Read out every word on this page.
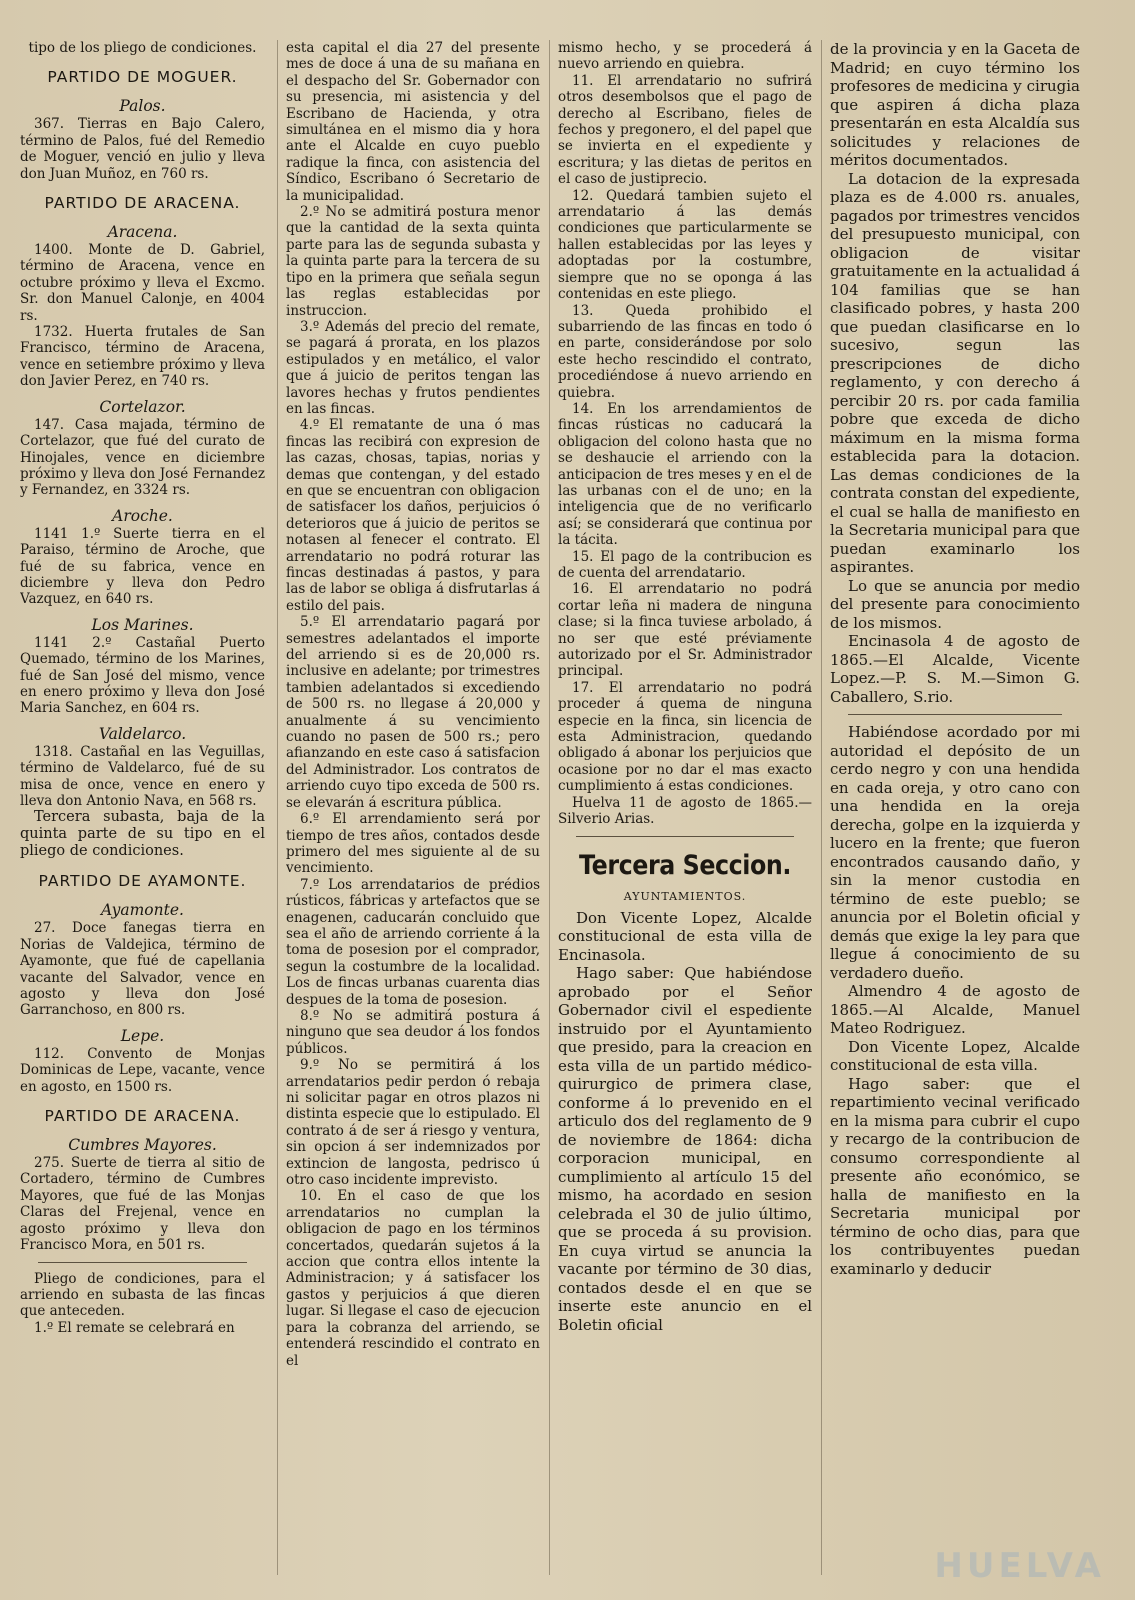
tipo de los pliego de condiciones.

PARTIDO DE MOGUER.
Palos.

367. Tierras en Bajo Calero, término de Palos, fué del Remedio de Moguer, venció en julio y lleva don Juan Muñoz, en 760 rs.

PARTIDO DE ARACENA.
Aracena.

1400. Monte de D. Gabriel, término de Aracena, vence en octubre próximo y lleva el Excmo. Sr. don Manuel Calonje, en 4004 rs.

1732. Huerta frutales de San Francisco, término de Aracena, vence en setiembre próximo y lleva don Javier Perez, en 740 rs.

Cortelazor.

147. Casa majada, término de Cortelazor, que fué del curato de Hinojales, vence en diciembre próximo y lleva don José Fernandez y Fernandez, en 3324 rs.

Aroche.

1141 1.º Suerte tierra en el Paraiso, término de Aroche, que fué de su fabrica, vence en diciembre y lleva don Pedro Vazquez, en 640 rs.

Los Marines.

1141 2.º Castañal Puerto Quemado, término de los Marines, fué de San José del mismo, vence en enero próximo y lleva don José Maria Sanchez, en 604 rs.

Valdelarco.

1318. Castañal en las Veguillas, término de Valdelarco, fué de su misa de once, vence en enero y lleva don Antonio Nava, en 568 rs.

Tercera subasta, baja de la quinta parte de su tipo en el pliego de condiciones.

PARTIDO DE AYAMONTE.
Ayamonte.

27. Doce fanegas tierra en Norias de Valdejica, término de Ayamonte, que fué de capellania vacante del Salvador, vence en agosto y lleva don José Garranchoso, en 800 rs.

Lepe.

112. Convento de Monjas Dominicas de Lepe, vacante, vence en agosto, en 1500 rs.

PARTIDO DE ARACENA.
Cumbres Mayores.

275. Suerte de tierra al sitio de Cortadero, término de Cumbres Mayores, que fué de las Monjas Claras del Frejenal, vence en agosto próximo y lleva don Francisco Mora, en 501 rs.

Pliego de condiciones, para el arriendo en subasta de las fincas que anteceden.

1.º El remate se celebrará en

esta capital el dia 27 del presente mes de doce á una de su mañana en el despacho del Sr. Gobernador con su presencia, mi asistencia y del Escribano de Hacienda, y otra simultánea en el mismo dia y hora ante el Alcalde en cuyo pueblo radique la finca, con asistencia del Síndico, Escribano ó Secretario de la municipalidad.

2.º No se admitirá postura menor que la cantidad de la sexta quinta parte para las de segunda subasta y la quinta parte para la tercera de su tipo en la primera que señala segun las reglas establecidas por instruccion.

3.º Además del precio del remate, se pagará á prorata, en los plazos estipulados y en metálico, el valor que á juicio de peritos tengan las lavores hechas y frutos pendientes en las fincas.

4.º El rematante de una ó mas fincas las recibirá con expresion de las cazas, chosas, tapias, norias y demas que contengan, y del estado en que se encuentran con obligacion de satisfacer los daños, perjuicios ó deterioros que á juicio de peritos se notasen al fenecer el contrato. El arrendatario no podrá roturar las fincas destinadas á pastos, y para las de labor se obliga á disfrutarlas á estilo del pais.

5.º El arrendatario pagará por semestres adelantados el importe del arriendo si es de 20,000 rs. inclusive en adelante; por trimestres tambien adelantados si excediendo de 500 rs. no llegase á 20,000 y anualmente á su vencimiento cuando no pasen de 500 rs.; pero afianzando en este caso á satisfacion del Administrador. Los contratos de arriendo cuyo tipo exceda de 500 rs. se elevarán á escritura pública.

6.º El arrendamiento será por tiempo de tres años, contados desde primero del mes siguiente al de su vencimiento.

7.º Los arrendatarios de prédios rústicos, fábricas y artefactos que se enagenen, caducarán concluido que sea el año de arriendo corriente á la toma de posesion por el comprador, segun la costumbre de la localidad. Los de fincas urbanas cuarenta dias despues de la toma de posesion.

8.º No se admitirá postura á ninguno que sea deudor á los fondos públicos.

9.º No se permitirá á los arrendatarios pedir perdon ó rebaja ni solicitar pagar en otros plazos ni distinta especie que lo estipulado. El contrato á de ser á riesgo y ventura, sin opcion á ser indemnizados por extincion de langosta, pedrisco ú otro caso incidente imprevisto.

10. En el caso de que los arrendatarios no cumplan la obligacion de pago en los términos concertados, quedarán sujetos á la accion que contra ellos intente la Administracion; y á satisfacer los gastos y perjuicios á que dieren lugar. Si llegase el caso de ejecucion para la cobranza del arriendo, se entenderá rescindido el contrato en el

mismo hecho, y se procederá á nuevo arriendo en quiebra.

11. El arrendatario no sufrirá otros desembolsos que el pago de derecho al Escribano, fieles de fechos y pregonero, el del papel que se invierta en el expediente y escritura; y las dietas de peritos en el caso de justiprecio.

12. Quedará tambien sujeto el arrendatario á las demás condiciones que particularmente se hallen establecidas por las leyes y adoptadas por la costumbre, siempre que no se oponga á las contenidas en este pliego.

13. Queda prohibido el subarriendo de las fincas en todo ó en parte, considerándose por solo este hecho rescindido el contrato, procediéndose á nuevo arriendo en quiebra.

14. En los arrendamientos de fincas rústicas no caducará la obligacion del colono hasta que no se deshaucie el arriendo con la anticipacion de tres meses y en el de las urbanas con el de uno; en la inteligencia que de no verificarlo así; se considerará que continua por la tácita.

15. El pago de la contribucion es de cuenta del arrendatario.

16. El arrendatario no podrá cortar leña ni madera de ninguna clase; si la finca tuviese arbolado, á no ser que esté préviamente autorizado por el Sr. Administrador principal.

17. El arrendatario no podrá proceder á quema de ninguna especie en la finca, sin licencia de esta Administracion, quedando obligado á abonar los perjuicios que ocasione por no dar el mas exacto cumplimiento á estas condiciones.

Huelva 11 de agosto de 1865.—Silverio Arias.

Tercera Seccion.
AYUNTAMIENTOS.

Don Vicente Lopez, Alcalde constitucional de esta villa de Encinasola.

Hago saber: Que habiéndose aprobado por el Señor Gobernador civil el espediente instruido por el Ayuntamiento que presido, para la creacion en esta villa de un partido médico-quirurgico de primera clase, conforme á lo prevenido en el articulo dos del reglamento de 9 de noviembre de 1864: dicha corporacion municipal, en cumplimiento al artículo 15 del mismo, ha acordado en sesion celebrada el 30 de julio último, que se proceda á su provision. En cuya virtud se anuncia la vacante por término de 30 dias, contados desde el en que se inserte este anuncio en el Boletin oficial

de la provincia y en la Gaceta de Madrid; en cuyo término los profesores de medicina y cirugia que aspiren á dicha plaza presentarán en esta Alcaldía sus solicitudes y relaciones de méritos documentados.

La dotacion de la expresada plaza es de 4.000 rs. anuales, pagados por trimestres vencidos del presupuesto municipal, con obligacion de visitar gratuitamente en la actualidad á 104 familias que se han clasificado pobres, y hasta 200 que puedan clasificarse en lo sucesivo, segun las prescripciones de dicho reglamento, y con derecho á percibir 20 rs. por cada familia pobre que exceda de dicho máximum en la misma forma establecida para la dotacion. Las demas condiciones de la contrata constan del expediente, el cual se halla de manifiesto en la Secretaria municipal para que puedan examinarlo los aspirantes.

Lo que se anuncia por medio del presente para conocimiento de los mismos.

Encinasola 4 de agosto de 1865.—El Alcalde, Vicente Lopez.—P. S. M.—Simon G. Caballero, S.rio.

Habiéndose acordado por mi autoridad el depósito de un cerdo negro y con una hendida en cada oreja, y otro cano con una hendida en la oreja derecha, golpe en la izquierda y lucero en la frente; que fueron encontrados causando daño, y sin la menor custodia en término de este pueblo; se anuncia por el Boletin oficial y demás que exige la ley para que llegue á conocimiento de su verdadero dueño.

Almendro 4 de agosto de 1865.—Al Alcalde, Manuel Mateo Rodriguez.

Don Vicente Lopez, Alcalde constitucional de esta villa.

Hago saber: que el repartimiento vecinal verificado en la misma para cubrir el cupo y recargo de la contribucion de consumo correspondiente al presente año económico, se halla de manifiesto en la Secretaria municipal por término de ocho dias, para que los contribuyentes puedan examinarlo y deducir

HUELVA
